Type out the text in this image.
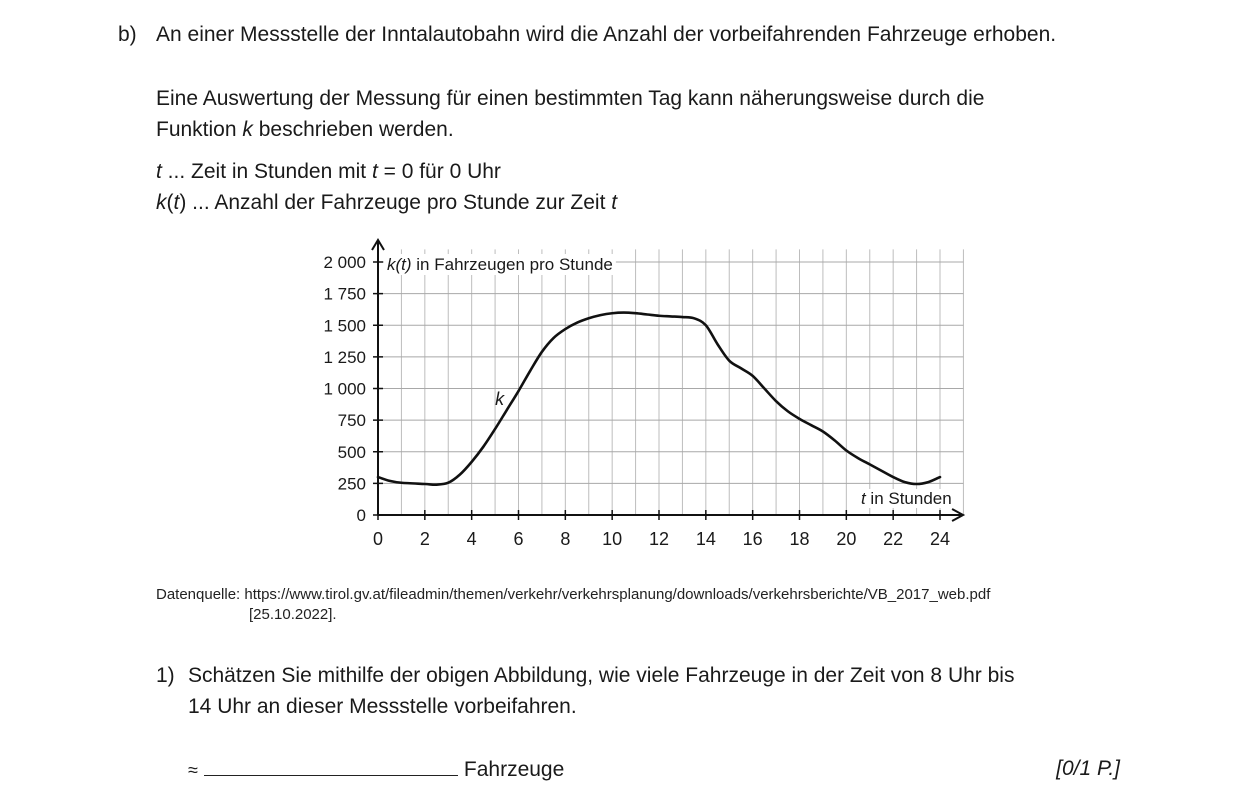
b) An einer Messstelle der Inntalautobahn wird die Anzahl der vorbeifahrenden Fahrzeuge erhoben.
Eine Auswertung der Messung für einen bestimmten Tag kann näherungsweise durch die
Funktion k beschrieben werden.
t ... Zeit in Stunden mit t = 0 für 0 Uhr
k(t) ... Anzahl der Fahrzeuge pro Stunde zur Zeit t
0 2 4 6 8 10 12 14 16 18 20 22 24
0
250
500
750
1 000
1 250
1 500
1 750
2 000 k(t) in Fahrzeugen pro Stunde
t in Stunden
k
Datenquelle: https://www.tirol.gv.at/fileadmin/themen/verkehr/verkehrsplanung/downloads/verkehrsberichte/VB_2017_web.pdf
[25.10.2022].
1) Schätzen Sie mithilfe der obigen Abbildung, wie viele Fahrzeuge in der Zeit von 8 Uhr bis
14 Uhr an dieser Messstelle vorbeifahren.
≈	Fahrzeuge	[0/1 P.]
